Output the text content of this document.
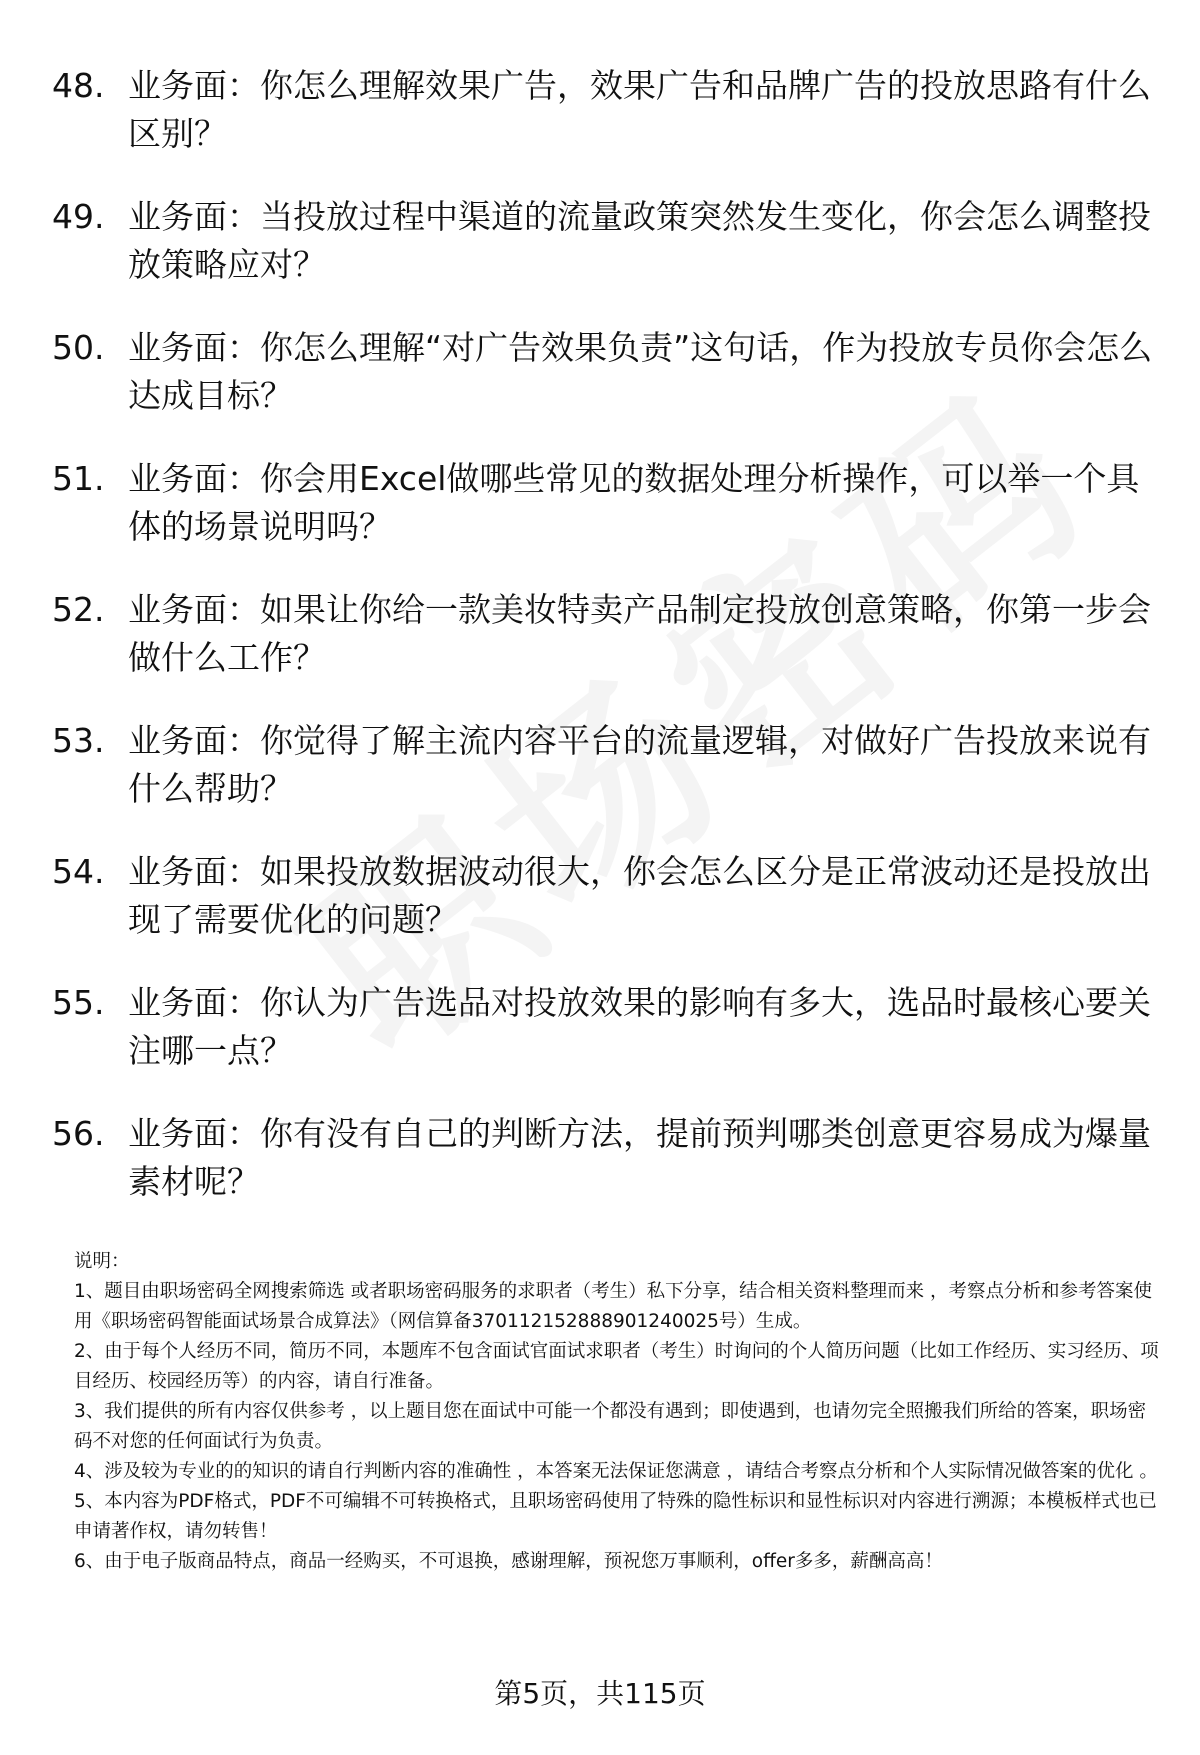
48. 业务面：你怎么理解效果广告，效果广告和品牌广告的投放思路有什么区别？
49. 业务面：当投放过程中渠道的流量政策突然发生变化，你会怎么调整投放策略应对？
50. 业务面：你怎么理解“对广告效果负责”这句话，作为投放专员你会怎么达成目标？
51. 业务面：你会用Excel做哪些常见的数据处理分析操作，可以举一个具体的场景说明吗？
52. 业务面：如果让你给一款美妆特卖产品制定投放创意策略，你第一步会做什么工作？
53. 业务面：你觉得了解主流内容平台的流量逻辑，对做好广告投放来说有什么帮助？
54. 业务面：如果投放数据波动很大，你会怎么区分是正常波动还是投放出现了需要优化的问题？
55. 业务面：你认为广告选品对投放效果的影响有多大，选品时最核心要关注哪一点？
56. 业务面：你有没有自己的判断方法，提前预判哪类创意更容易成为爆量素材呢？

说明：

1、题目由职场密码全网搜索筛选 或者职场密码服务的求职者（考生）私下分享，结合相关资料整理而来 ，考察点分析和参考答案使用《职场密码智能面试场景合成算法》（网信算备370112152888901240025号）生成。

2、由于每个人经历不同，简历不同，本题库不包含面试官面试求职者（考生）时询问的个人简历问题（比如工作经历、实习经历、项目经历、校园经历等）的内容，请自行准备。

3、我们提供的所有内容仅供参考 ，以上题目您在面试中可能一个都没有遇到；即使遇到，也请勿完全照搬我们所给的答案，职场密码不对您的任何面试行为负责。

4、涉及较为专业的的知识的请自行判断内容的准确性 ，本答案无法保证您满意 ，请结合考察点分析和个人实际情况做答案的优化 。

5、本内容为PDF格式，PDF不可编辑不可转换格式，且职场密码使用了特殊的隐性标识和显性标识对内容进行溯源；本模板样式也已申请著作权，请勿转售！

6、由于电子版商品特点，商品一经购买，不可退换，感谢理解，预祝您万事顺利，offer多多，薪酬高高！

第5页，共115页
